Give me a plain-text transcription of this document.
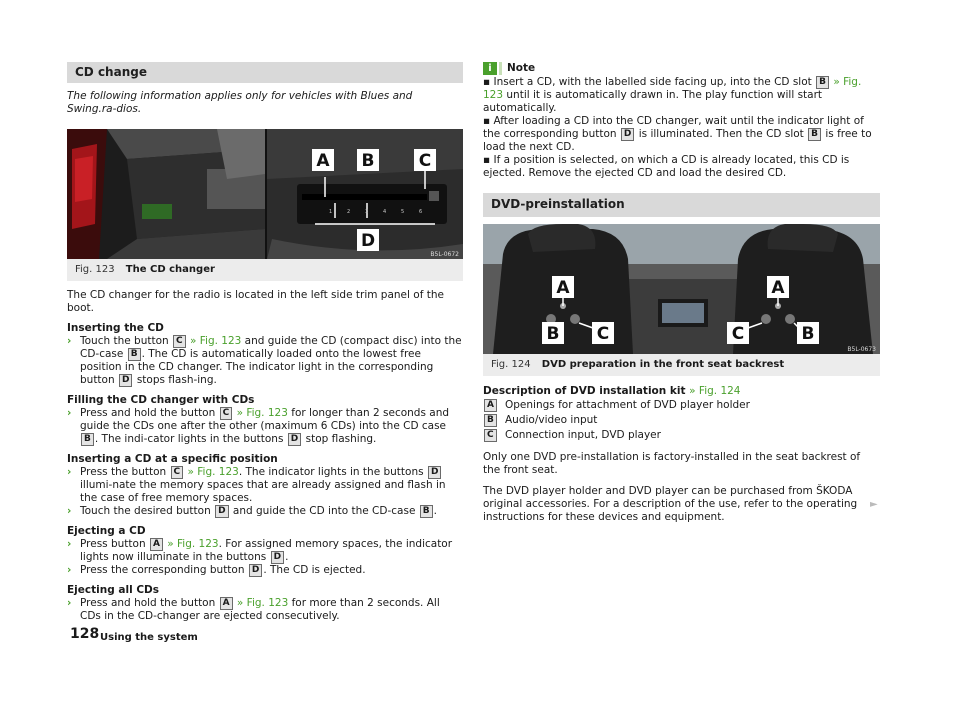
CD change
The following information applies only for vehicles with Blues and Swing.ra-dios.
A B	C
D
1	2	3	4	5	6
B5L-0672
Fig. 123 The CD changer

The CD changer for the radio is located in the left side trim panel of the boot.

Inserting the CD
› Touch the button C » Fig. 123 and guide the CD (compact disc) into the CD-case B . The CD is automatically loaded onto the lowest free position in the CD changer. The indicator light in the corresponding button D stops flash-ing.
Filling the CD changer with CDs
› Press and hold the button C » Fig. 123 for longer than 2 seconds and guide the CDs one after the other (maximum 6 CDs) into the CD case B . The indi-cator lights in the buttons D stop flashing.
Inserting a CD at a specific position
› Press the button C » Fig. 123. The indicator lights in the buttons D illumi-nate the memory spaces that are already assigned and flash in the case of free memory spaces.
› Touch the desired button D and guide the CD into the CD-case B .
Ejecting a CD
› Press button A » Fig. 123. For assigned memory spaces, the indicator lights now illuminate in the buttons D .
› Press the corresponding button D . The CD is ejected.
Ejecting all CDs
› Press and hold the button A » Fig. 123 for more than 2 seconds. All CDs in the CD-changer are ejected consecutively.
i	Note

▪ Insert a CD, with the labelled side facing up, into the CD slot B » Fig. 123 until it is automatically drawn in. The play function will start automatically.

▪ After loading a CD into the CD changer, wait until the indicator light of the corresponding button D is illuminated. Then the CD slot B is free to load the next CD.

▪ If a position is selected, on which a CD is already located, this CD is ejected. Remove the ejected CD and load the desired CD.

DVD-preinstallation
A
B C
A
C	B
B5L-0673
Fig. 124 DVD preparation in the front seat backrest
Description of DVD installation kit » Fig. 124
A Openings for attachment of DVD player holder
B Audio/video input
C Connection input, DVD player

Only one DVD pre-installation is factory-installed in the seat backrest of the front seat.

The DVD player holder and DVD player can be purchased from ŠKODA original accessories. For a description of the use, refer to the operating instructions for these devices and equipment.

►
128 Using the system
